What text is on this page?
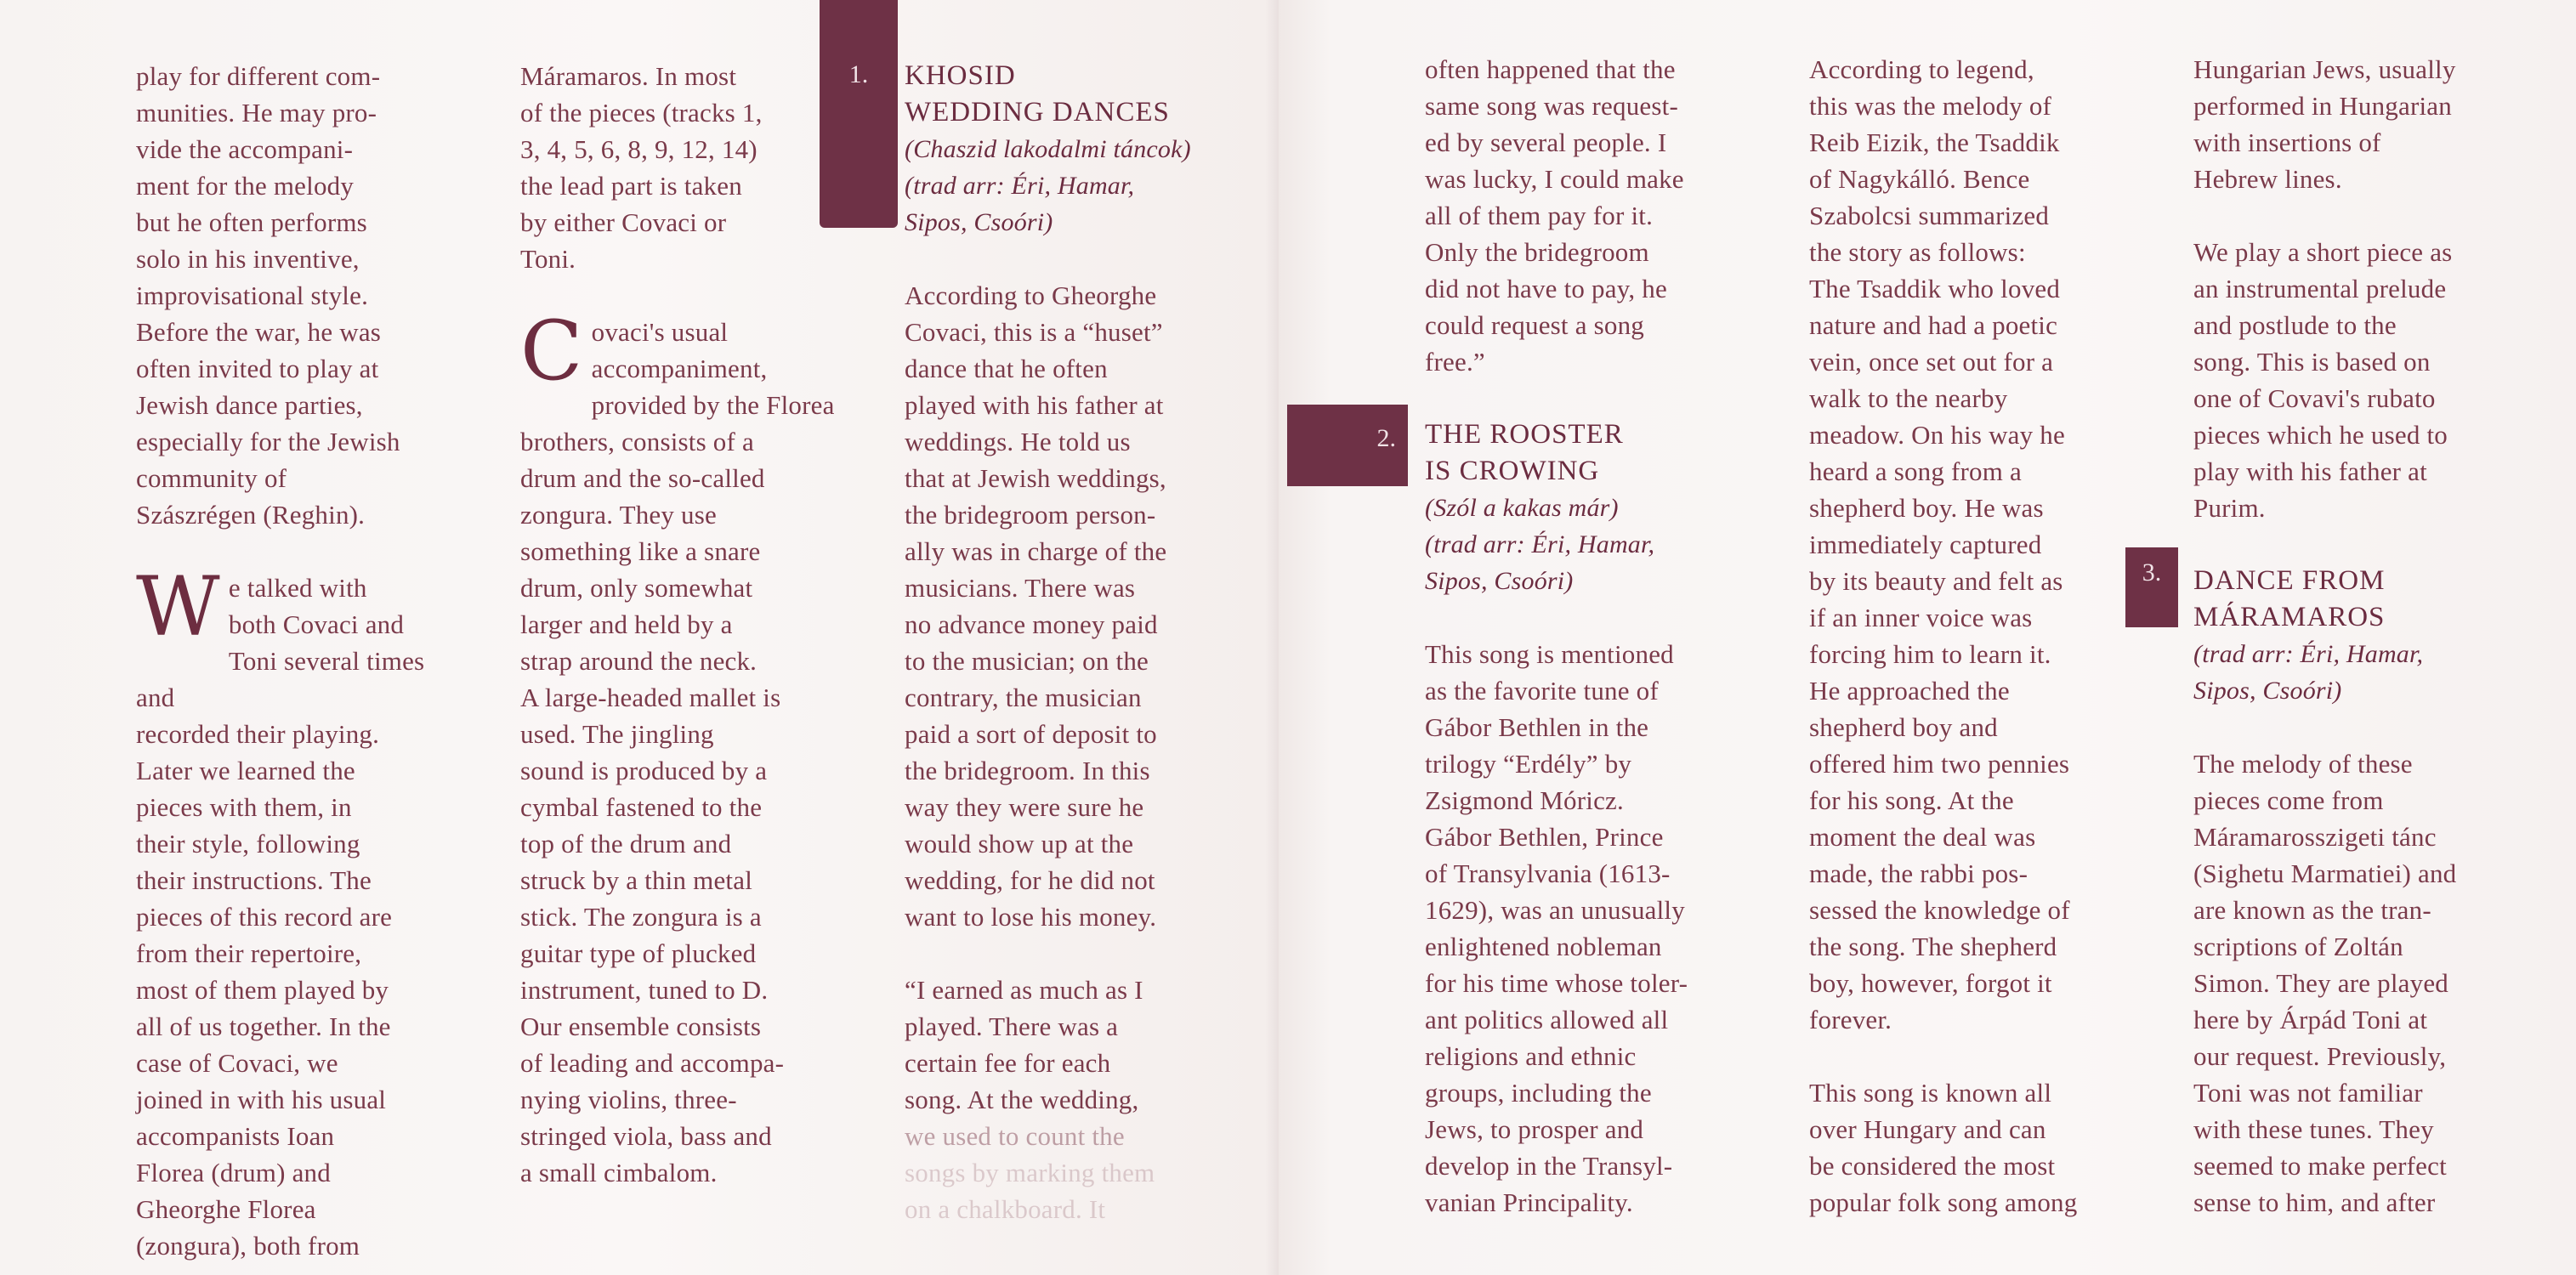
play for different com-
munities. He may pro-
vide the accompani-
ment for the melody
but he often performs
solo in his inventive,
improvisational style.
Before the war, he was
often invited to play at
Jewish dance parties,
especially for the Jewish
community of
Szászrégen (Reghin).

We talked with
both Covaci and
Toni several times and
recorded their playing.
Later we learned the
pieces with them, in
their style, following
their instructions. The
pieces of this record are
from their repertoire,
most of them played by
all of us together. In the
case of Covaci, we
joined in with his usual
accompanists Ioan
Florea (drum) and
Gheorghe Florea
(zongura), both from

Máramaros. In most
of the pieces (tracks 1,
3, 4, 5, 6, 8, 9, 12, 14)
the lead part is taken
by either Covaci or
Toni.

Covaci's usual
accompaniment,
provided by the Florea
brothers, consists of a
drum and the so-called
zongura. They use
something like a snare
drum, only somewhat
larger and held by a
strap around the neck.
A large-headed mallet is
used. The jingling
sound is produced by a
cymbal fastened to the
top of the drum and
struck by a thin metal
stick. The zongura is a
guitar type of plucked
instrument, tuned to D.
Our ensemble consists
of leading and accompa-
nying violins, three-
stringed viola, bass and
a small cimbalom.

1.	KHOSID
WEDDING DANCES
(Chaszid lakodalmi táncok)
(trad arr: Éri, Hamar,
Sipos, Csoóri)

According to Gheorghe
Covaci, this is a “huset”
dance that he often
played with his father at
weddings. He told us
that at Jewish weddings,
the bridegroom person-
ally was in charge of the
musicians. There was
no advance money paid
to the musician; on the
contrary, the musician
paid a sort of deposit to
the bridegroom. In this
way they were sure he
would show up at the
wedding, for he did not
want to lose his money.

“I earned as much as I
played. There was a
certain fee for each
song. At the wedding,
we used to count the
songs by marking them
on a chalkboard. It

often happened that the
same song was request-
ed by several people. I
was lucky, I could make
all of them pay for it.
Only the bridegroom
did not have to pay, he
could request a song
free.”

THE ROOSTER
IS CROWING
(Szól a kakas már)
(trad arr: Éri, Hamar,
Sipos, Csoóri)

This song is mentioned
as the favorite tune of
Gábor Bethlen in the
trilogy “Erdély” by
Zsigmond Móricz.
Gábor Bethlen, Prince
of Transylvania (1613-
1629), was an unusually
enlightened nobleman
for his time whose toler-
ant politics allowed all
religions and ethnic
groups, including the
Jews, to prosper and
develop in the Transyl-
vanian Principality.

2.

According to legend,
this was the melody of
Reib Eizik, the Tsaddik
of Nagykálló. Bence
Szabolcsi summarized
the story as follows:
The Tsaddik who loved
nature and had a poetic
vein, once set out for a
walk to the nearby
meadow. On his way he
heard a song from a
shepherd boy. He was
immediately captured
by its beauty and felt as
if an inner voice was
forcing him to learn it.
He approached the
shepherd boy and
offered him two pennies
for his song. At the
moment the deal was
made, the rabbi pos-
sessed the knowledge of
the song. The shepherd
boy, however, forgot it
forever.

This song is known all
over Hungary and can
be considered the most
popular folk song among

3.

Hungarian Jews, usually
performed in Hungarian
with insertions of
Hebrew lines.

We play a short piece as
an instrumental prelude
and postlude to the
song. This is based on
one of Covavi's rubato
pieces which he used to
play with his father at
Purim.

DANCE FROM
MÁRAMAROS
(trad arr: Éri, Hamar,
Sipos, Csoóri)

The melody of these
pieces come from
Máramarosszigeti tánc
(Sighetu Marmatiei) and
are known as the tran-
scriptions of Zoltán
Simon. They are played
here by Árpád Toni at
our request. Previously,
Toni was not familiar
with these tunes. They
seemed to make perfect
sense to him, and after
